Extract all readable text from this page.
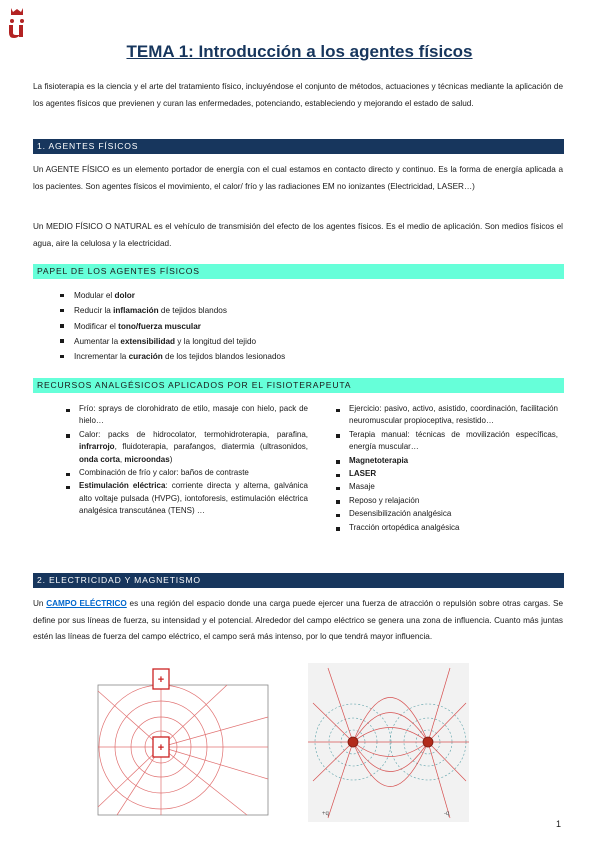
TEMA 1: Introducción a los agentes físicos
La fisioterapia es la ciencia y el arte del tratamiento físico, incluyéndose el conjunto de métodos, actuaciones y técnicas mediante la aplicación de los agentes físicos que previenen y curan las enfermedades, potenciando, estableciendo y mejorando el estado de salud.
1. AGENTES FÍSICOS
Un AGENTE FÍSICO es un elemento portador de energía con el cual estamos en contacto directo y continuo. Es la forma de energía aplicada a los pacientes. Son agentes físicos el movimiento, el calor/ frío y las radiaciones EM no ionizantes (Electricidad, LASER…)
Un MEDIO FÍSICO O NATURAL es el vehículo de transmisión del efecto de los agentes físicos. Es el medio de aplicación. Son medios físicos el agua, aire la celulosa y la electricidad.
PAPEL DE LOS AGENTES FÍSICOS
Modular el dolor
Reducir la inflamación de tejidos blandos
Modificar el tono/fuerza muscular
Aumentar la extensibilidad y la longitud del tejido
Incrementar la curación de los tejidos blandos lesionados
RECURSOS ANALGÉSICOS APLICADOS POR EL FISIOTERAPEUTA
Frío: sprays de clorohidrato de etilo, masaje con hielo, pack de hielo…
Calor: packs de hidrocolator, termohidroterapia, parafina, infrarrojo, fluidoterapia, parafangos, diatermia (ultrasonidos, onda corta, microondas)
Combinación de frío y calor: baños de contraste
Estimulación eléctrica: corriente directa y alterna, galvánica alto voltaje pulsada (HVPG), iontoforesis, estimulación eléctrica analgésica transcutánea (TENS) …
Ejercicio: pasivo, activo, asistido, coordinación, facilitación neuromuscular propioceptiva, resistido…
Terapia manual: técnicas de movilización específicas, energía muscular…
Magnetoterapia
LASER
Masaje
Reposo y relajación
Desensibilización analgésica
Tracción ortopédica analgésica
2. ELECTRICIDAD Y MAGNETISMO
Un CAMPO ELÉCTRICO es una región del espacio donde una carga puede ejercer una fuerza de atracción o repulsión sobre otras cargas. Se define por sus líneas de fuerza, su intensidad y el potencial. Alrededor del campo eléctrico se genera una zona de influencia. Cuanto más juntas estén las líneas de fuerza del campo eléctrico, el campo será más intenso, por lo que tendrá mayor influencia.
+
+
+q	-q
1
